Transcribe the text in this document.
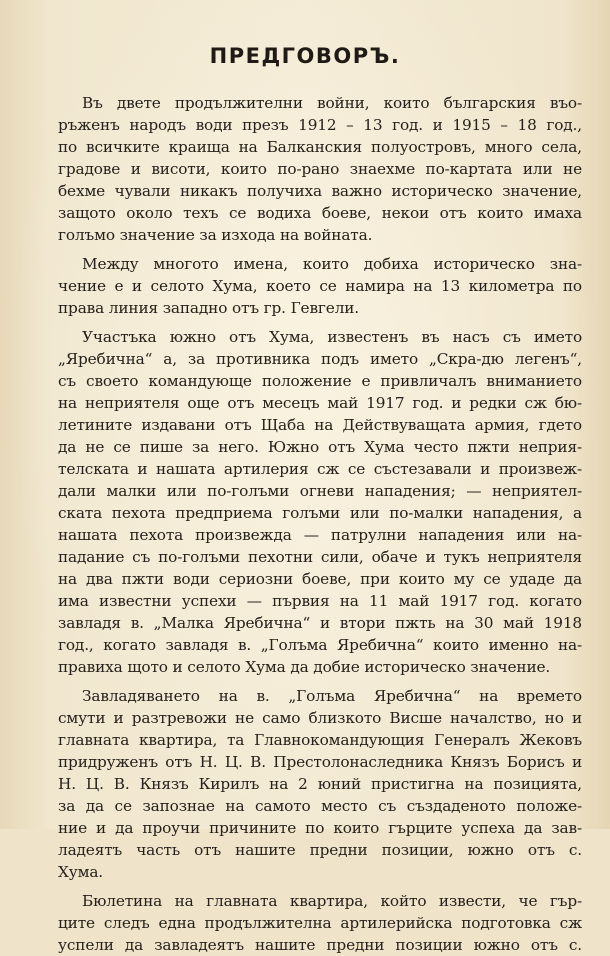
ПРЕДГОВОРЪ.
Въ двете продължителни войни, които българския въо-
ръженъ народъ води презъ 1912 – 13 год. и 1915 – 18 год.,
по всичките краища на Балканския полуостровъ, много села,
градове и висоти, които по-рано знаехме по-картата или не
бехме чували никакъ получиха важно историческо значение,
защото около техъ се водиха боеве, некои отъ които имаха
голъмо значение за изхода на войната.
Между многото имена, които добиха историческо зна-
чение е и селото Хума, което се намира на 13 километра по
права линия западно отъ гр. Гевгели.
Участъка южно отъ Хума, известенъ въ насъ съ името
„Яребична“ а, за противника подъ името „Скра-дю легенъ“,
съ своето командующе положение е привличалъ вниманието
на неприятеля още отъ месецъ май 1917 год. и редки сж бю-
летините издавани отъ Щаба на Действуващата армия, гдето
да не се пише за него. Южно отъ Хума често пжти неприя-
телската и нашата артилерия сж се състезавали и произвеж-
дали малки или по-голъми огневи нападения; — неприятел-
ската пехота предприема голъми или по-малки нападения, а
нашата пехота произвежда — патрулни нападения или на-
падание съ по-голъми пехотни сили, обаче и тукъ неприятеля
на два пжти води сериозни боеве, при които му се удаде да
има известни успехи — първия на 11 май 1917 год. когато
завладя в. „Малка Яребична“ и втори пжть на 30 май 1918
год., когато завладя в. „Голъма Яребична“ които именно на-
правиха щото и селото Хума да добие историческо значение.
Завладяването на в. „Голъма Яребична“ на времето
смути и разтревожи не само близкото Висше началство, но и
главната квартира, та Главнокомандующия Генералъ Жековъ
придруженъ отъ Н. Ц. В. Престолонаследника Князъ Борисъ и
Н. Ц. В. Князъ Кирилъ на 2 юний пристигна на позицията,
за да се запознае на самото место съ създаденото положе-
ние и да проучи причините по които гърците успеха да зав-
ладеятъ часть отъ нашите предни позиции, южно отъ с.
Хума.
Бюлетина на главната квартира, който извести, че гър-
ците следъ една продължителна артилерийска подготовка сж
успели да завладеятъ нашите предни позиции южно отъ с.
